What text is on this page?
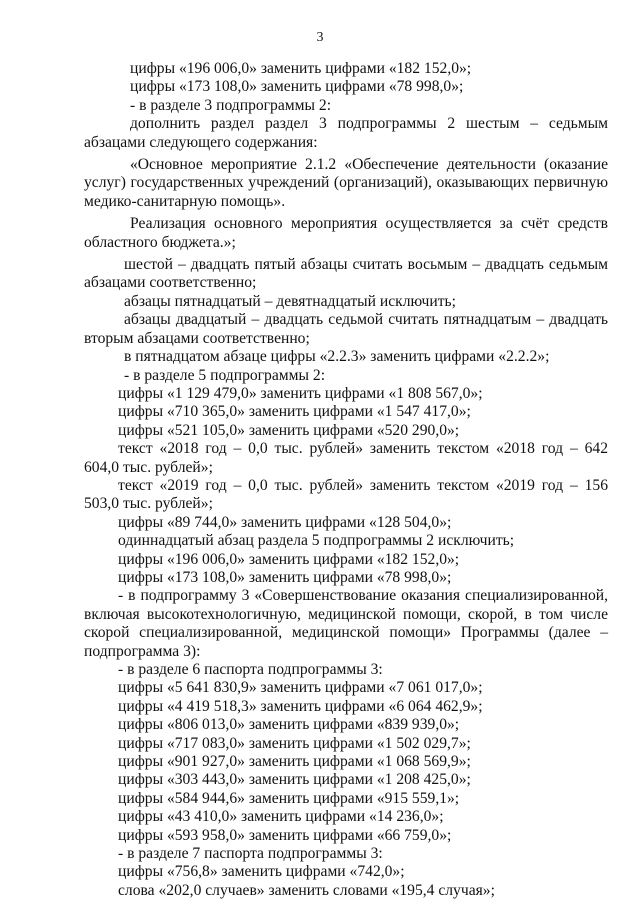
3

цифры «196 006,0» заменить цифрами «182 152,0»;

цифры «173 108,0» заменить цифрами «78 998,0»;

- в разделе 3 подпрограммы 2:

дополнить раздел раздел 3 подпрограммы 2 шестым – седьмым абзацами следующего содержания:

«Основное мероприятие 2.1.2 «Обеспечение деятельности (оказание услуг) государственных учреждений (организаций), оказывающих первичную медико-санитарную помощь».

Реализация основного мероприятия осуществляется за счёт средств областного бюджета.»;

шестой – двадцать пятый абзацы считать восьмым – двадцать седьмым абзацами соответственно;

абзацы пятнадцатый – девятнадцатый исключить;

абзацы двадцатый – двадцать седьмой считать пятнадцатым – двадцать вторым абзацами соответственно;

в пятнадцатом абзаце цифры «2.2.3» заменить цифрами «2.2.2»;

- в разделе 5 подпрограммы 2:

цифры «1 129 479,0» заменить цифрами «1 808 567,0»;

цифры «710 365,0» заменить цифрами «1 547 417,0»;

цифры «521 105,0» заменить цифрами «520 290,0»;

текст «2018 год – 0,0 тыс. рублей» заменить текстом «2018 год – 642 604,0 тыс. рублей»;

текст «2019 год – 0,0 тыс. рублей» заменить текстом «2019 год – 156 503,0 тыс. рублей»;

цифры «89 744,0» заменить цифрами «128 504,0»;

одиннадцатый абзац раздела 5 подпрограммы 2 исключить;

цифры «196 006,0» заменить цифрами «182 152,0»;

цифры «173 108,0» заменить цифрами «78 998,0»;

- в подпрограмму 3 «Совершенствование оказания специализированной, включая высокотехнологичную, медицинской помощи, скорой, в том числе скорой специализированной, медицинской помощи» Программы (далее – подпрограмма 3):

- в разделе 6 паспорта подпрограммы 3:

цифры «5 641 830,9» заменить цифрами «7 061 017,0»;

цифры «4 419 518,3» заменить цифрами «6 064 462,9»;

цифры «806 013,0» заменить цифрами «839 939,0»;

цифры «717 083,0» заменить цифрами «1 502 029,7»;

цифры «901 927,0» заменить цифрами «1 068 569,9»;

цифры «303 443,0» заменить цифрами «1 208 425,0»;

цифры «584 944,6» заменить цифрами «915 559,1»;

цифры «43 410,0» заменить цифрами «14 236,0»;

цифры «593 958,0» заменить цифрами «66 759,0»;

- в разделе 7 паспорта подпрограммы 3:

цифры «756,8» заменить цифрами «742,0»;

слова «202,0 случаев» заменить словами «195,4 случая»;
